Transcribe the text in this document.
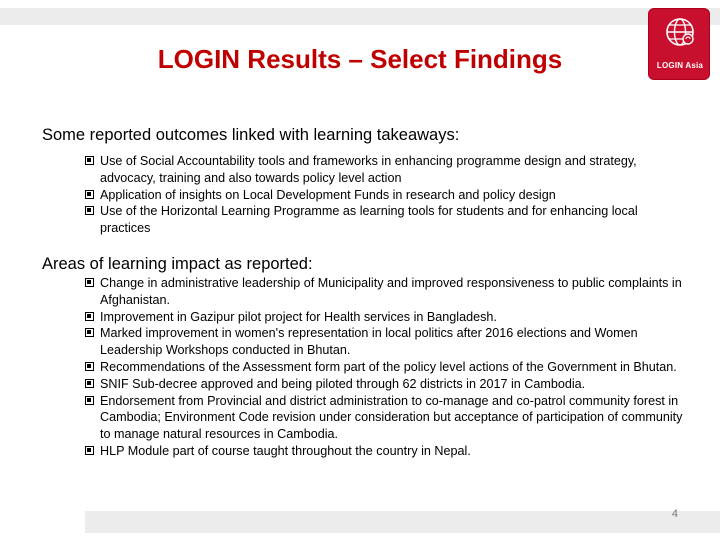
LOGIN Results – Select Findings	LOGIN Asia
Some reported outcomes linked with learning takeaways:
Use of Social Accountability tools and frameworks in enhancing programme design and strategy, advocacy, training and also towards policy level action
Application of insights on Local Development Funds in research and policy design
Use of the Horizontal Learning Programme as learning tools for students and for enhancing local practices
Areas of learning impact as reported:
Change in administrative leadership of Municipality and improved responsiveness to public complaints in Afghanistan.
Improvement in Gazipur pilot project for Health services in Bangladesh.
Marked improvement in women's representation in local politics after 2016 elections and Women Leadership Workshops conducted in Bhutan.
Recommendations of the Assessment form part of the policy level actions of the Government in Bhutan.
SNIF Sub-decree approved and being piloted through 62 districts in 2017 in Cambodia.
Endorsement from Provincial and district administration to co-manage and co-patrol community forest in Cambodia; Environment Code revision under consideration but acceptance of participation of community to manage natural resources in Cambodia.
HLP Module part of course taught throughout the country in Nepal.
4
